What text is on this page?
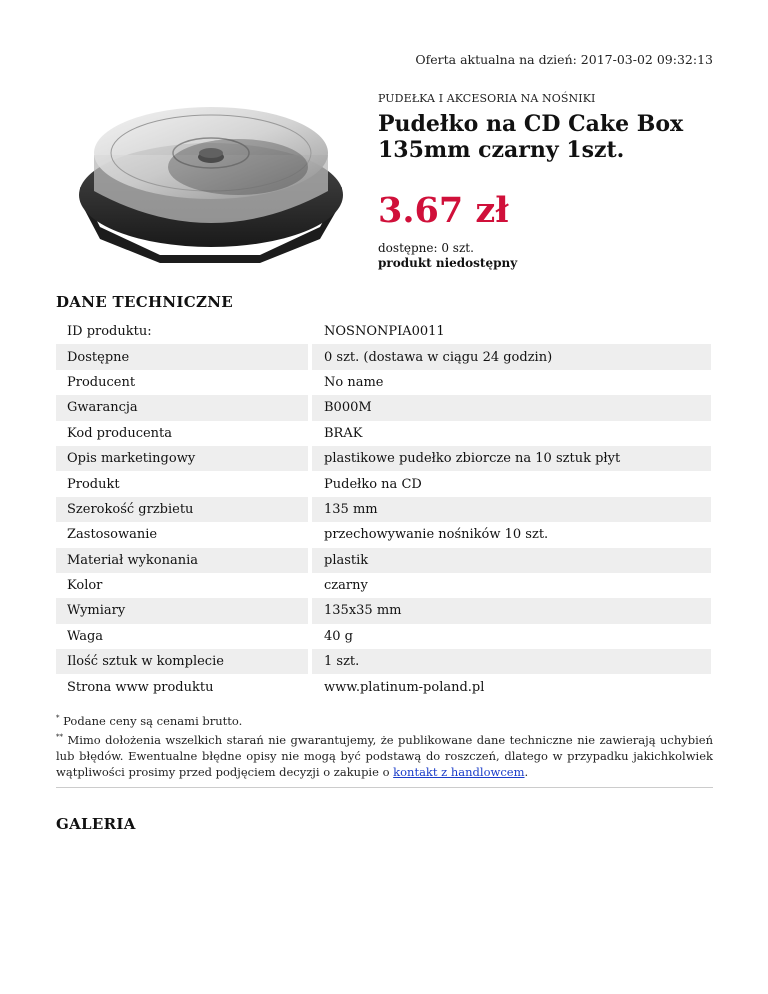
Oferta aktualna na dzień: 2017-03-02 09:32:13
PUDEŁKA I AKCESORIA NA NOŚNIKI
Pudełko na CD Cake Box 135mm czarny 1szt.
3.67 zł
dostępne: 0 szt.
produkt niedostępny
DANE TECHNICZNE
ID produktu:	NOSNONPIA0011
Dostępne	0 szt. (dostawa w ciągu 24 godzin)
Producent	No name
Gwarancja	B000M
Kod producenta	BRAK
Opis marketingowy	plastikowe pudełko zbiorcze na 10 sztuk płyt
Produkt	Pudełko na CD
Szerokość grzbietu	135 mm
Zastosowanie	przechowywanie nośników 10 szt.
Materiał wykonania	plastik
Kolor	czarny
Wymiary	135x35 mm
Waga	40 g
Ilość sztuk w komplecie	1 szt.
Strona www produktu	www.platinum-poland.pl

* Podane ceny są cenami brutto.

** Mimo dołożenia wszelkich starań nie gwarantujemy, że publikowane dane techniczne nie zawierają uchybień lub błędów. Ewentualne błędne opisy nie mogą być podstawą do roszczeń, dlatego w przypadku jakichkolwiek wątpliwości prosimy przed podjęciem decyzji o zakupie o kontakt z handlowcem.

GALERIA
